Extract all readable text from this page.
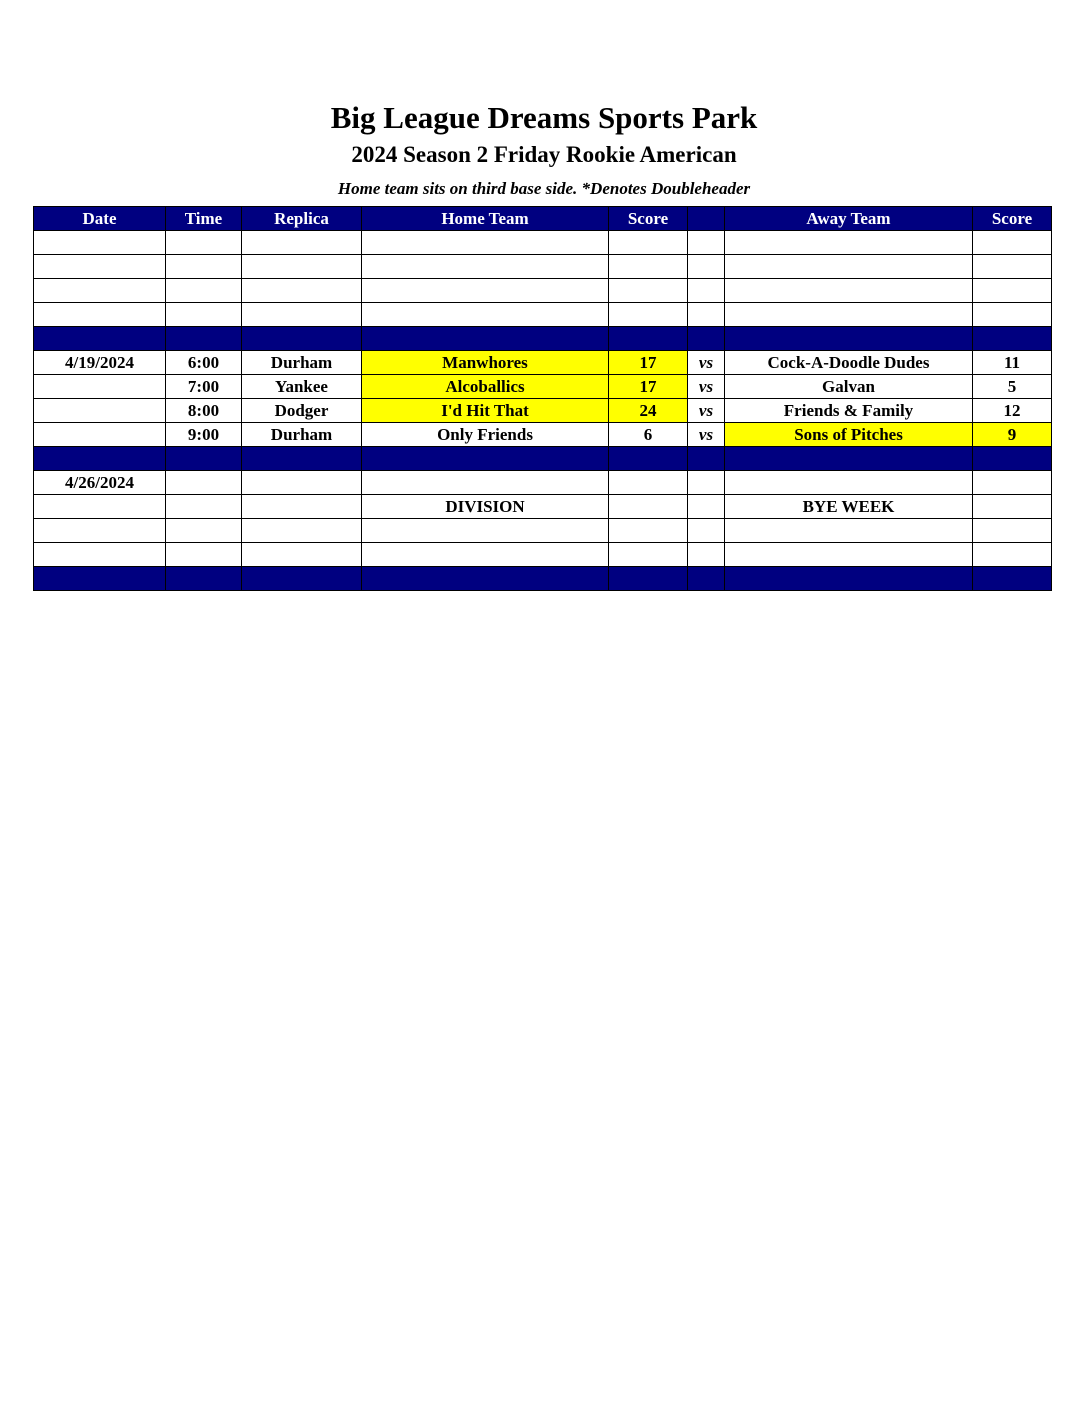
Big League Dreams Sports Park
2024 Season 2 Friday Rookie American
Home team sits on third base side. *Denotes Doubleheader
Date	Time	Replica	Home Team	Score		Away Team	Score

4/19/2024	6:00	Durham	Manwhores	17	vs	Cock-A-Doodle Dudes	11
	7:00	Yankee	Alcoballics	17	vs	Galvan	5
	8:00	Dodger	I'd Hit That	24	vs	Friends & Family	12
	9:00	Durham	Only Friends	6	vs	Sons of Pitches	9

4/26/2024							
			DIVISION			BYE WEEK	
